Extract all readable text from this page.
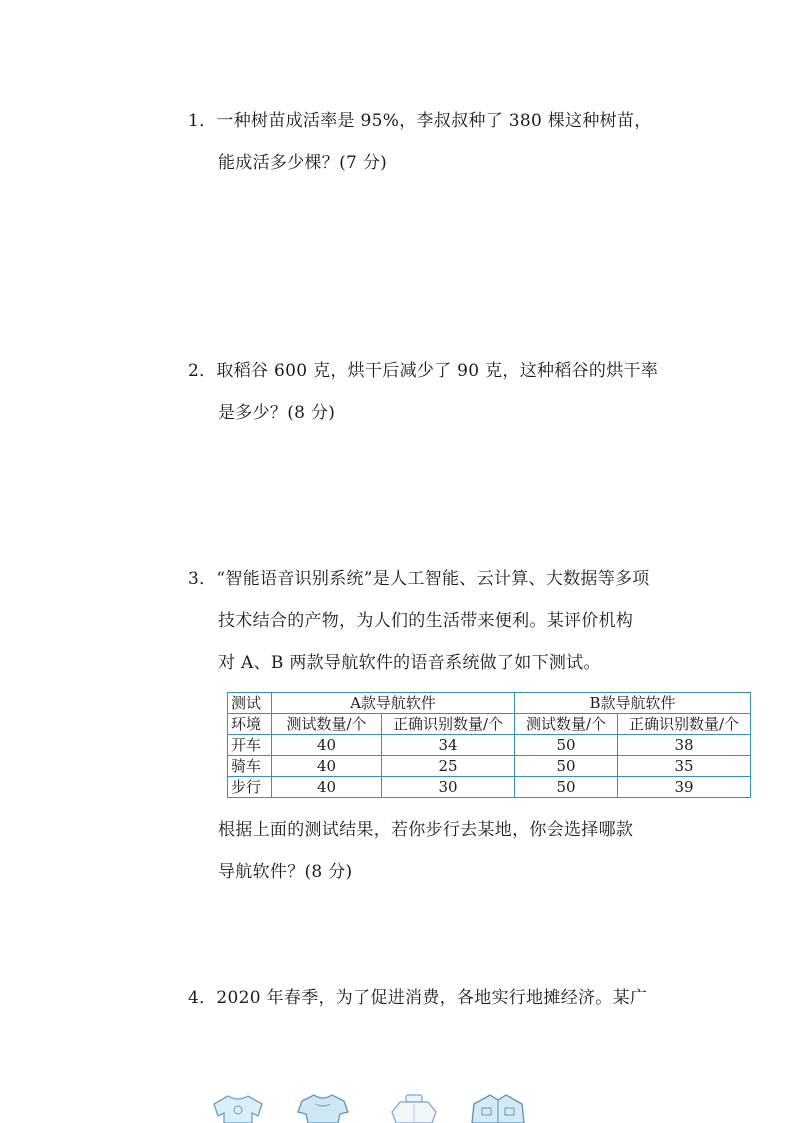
1．一种树苗成活率是 95%，李叔叔种了 380 棵这种树苗，
能成活多少棵？(7 分)
2．取稻谷 600 克，烘干后减少了 90 克，这种稻谷的烘干率
是多少？(8 分)
3．“智能语音识别系统”是人工智能、云计算、大数据等多项
技术结合的产物，为人们的生活带来便利。某评价机构
对 A、B 两款导航软件的语音系统做了如下测试。
测试	A款导航软件		B款导航软件	
环境	测试数量/个	正确识别数量/个	测试数量/个	正确识别数量/个
开车	40	34	50	38
骑车	40	25	50	35
步行	40	30	50	39
根据上面的测试结果，若你步行去某地，你会选择哪款
导航软件？(8 分)
4．2020 年春季，为了促进消费，各地实行地摊经济。某广
